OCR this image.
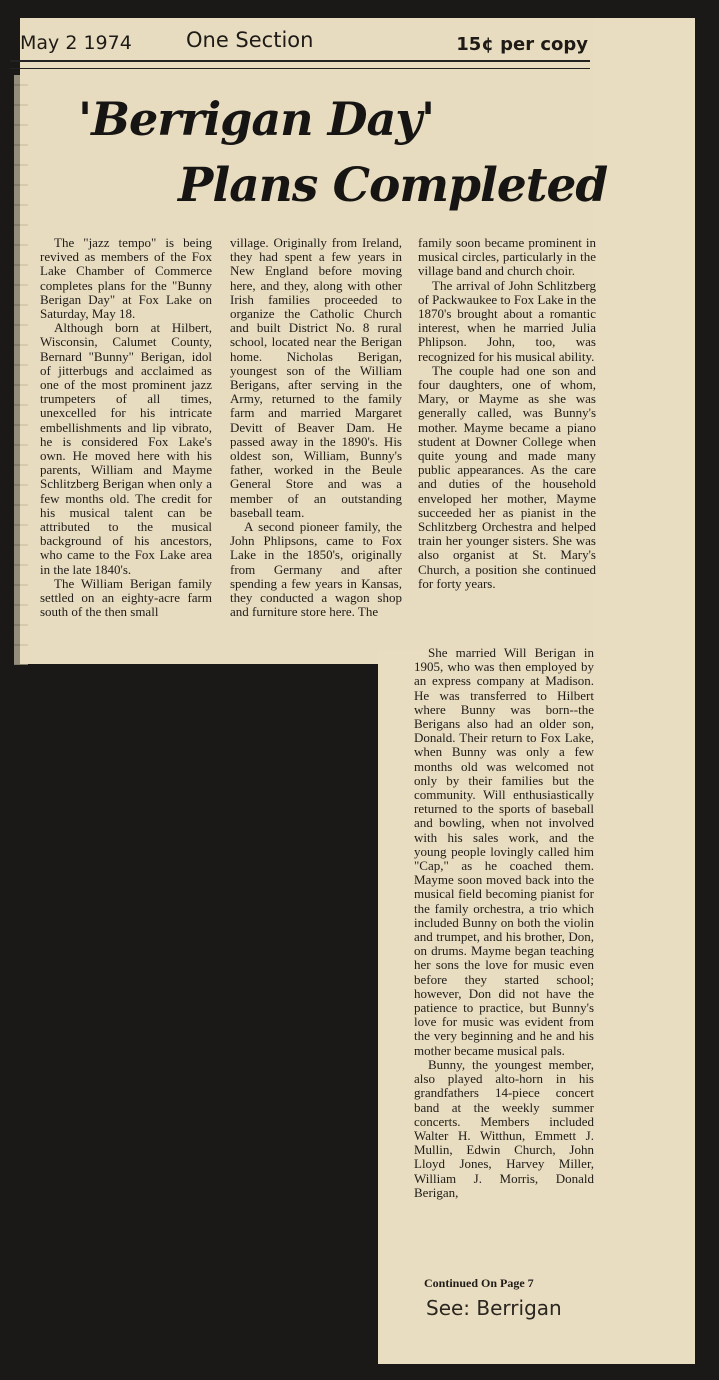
May 2 1974	One Section	15¢ per copy
'Berrigan Day'
Plans Completed

The "jazz tempo" is being revived as members of the Fox Lake Chamber of Commerce completes plans for the "Bunny Berigan Day" at Fox Lake on Saturday, May 18.

Although born at Hilbert, Wisconsin, Calumet County, Bernard "Bunny" Berigan, idol of jitterbugs and acclaimed as one of the most prominent jazz trumpeters of all times, unexcelled for his intricate embellishments and lip vibrato, he is considered Fox Lake's own. He moved here with his parents, William and Mayme Schlitzberg Berigan when only a few months old. The credit for his musical talent can be attributed to the musical background of his ancestors, who came to the Fox Lake area in the late 1840's.

The William Berigan family settled on an eighty-acre farm south of the then small

village. Originally from Ireland, they had spent a few years in New England before moving here, and they, along with other Irish families proceeded to organize the Catholic Church and built District No. 8 rural school, located near the Berigan home. Nicholas Berigan, youngest son of the William Berigans, after serving in the Army, returned to the family farm and married Margaret Devitt of Beaver Dam. He passed away in the 1890's. His oldest son, William, Bunny's father, worked in the Beule General Store and was a member of an outstanding baseball team.

A second pioneer family, the John Phlipsons, came to Fox Lake in the 1850's, originally from Germany and after spending a few years in Kansas, they conducted a wagon shop and furniture store here. The

family soon became prominent in musical circles, particularly in the village band and church choir.

The arrival of John Schlitzberg of Packwaukee to Fox Lake in the 1870's brought about a romantic interest, when he married Julia Phlipson. John, too, was recognized for his musical ability.

The couple had one son and four daughters, one of whom, Mary, or Mayme as she was generally called, was Bunny's mother. Mayme became a piano student at Downer College when quite young and made many public appearances. As the care and duties of the household enveloped her mother, Mayme succeeded her as pianist in the Schlitzberg Orchestra and helped train her younger sisters. She was also organist at St. Mary's Church, a position she continued for forty years.

She married Will Berigan in 1905, who was then employed by an express company at Madison. He was transferred to Hilbert where Bunny was born--the Berigans also had an older son, Donald. Their return to Fox Lake, when Bunny was only a few months old was welcomed not only by their families but the community. Will enthusiastically returned to the sports of baseball and bowling, when not involved with his sales work, and the young people lovingly called him "Cap," as he coached them. Mayme soon moved back into the musical field becoming pianist for the family orchestra, a trio which included Bunny on both the violin and trumpet, and his brother, Don, on drums. Mayme began teaching her sons the love for music even before they started school; however, Don did not have the patience to practice, but Bunny's love for music was evident from the very beginning and he and his mother became musical pals.

Bunny, the youngest member, also played alto-horn in his grandfathers 14-piece concert band at the weekly summer concerts. Members included Walter H. Witthun, Emmett J. Mullin, Edwin Church, John Lloyd Jones, Harvey Miller, William J. Morris, Donald Berigan,

Continued On Page 7
See: Berrigan
